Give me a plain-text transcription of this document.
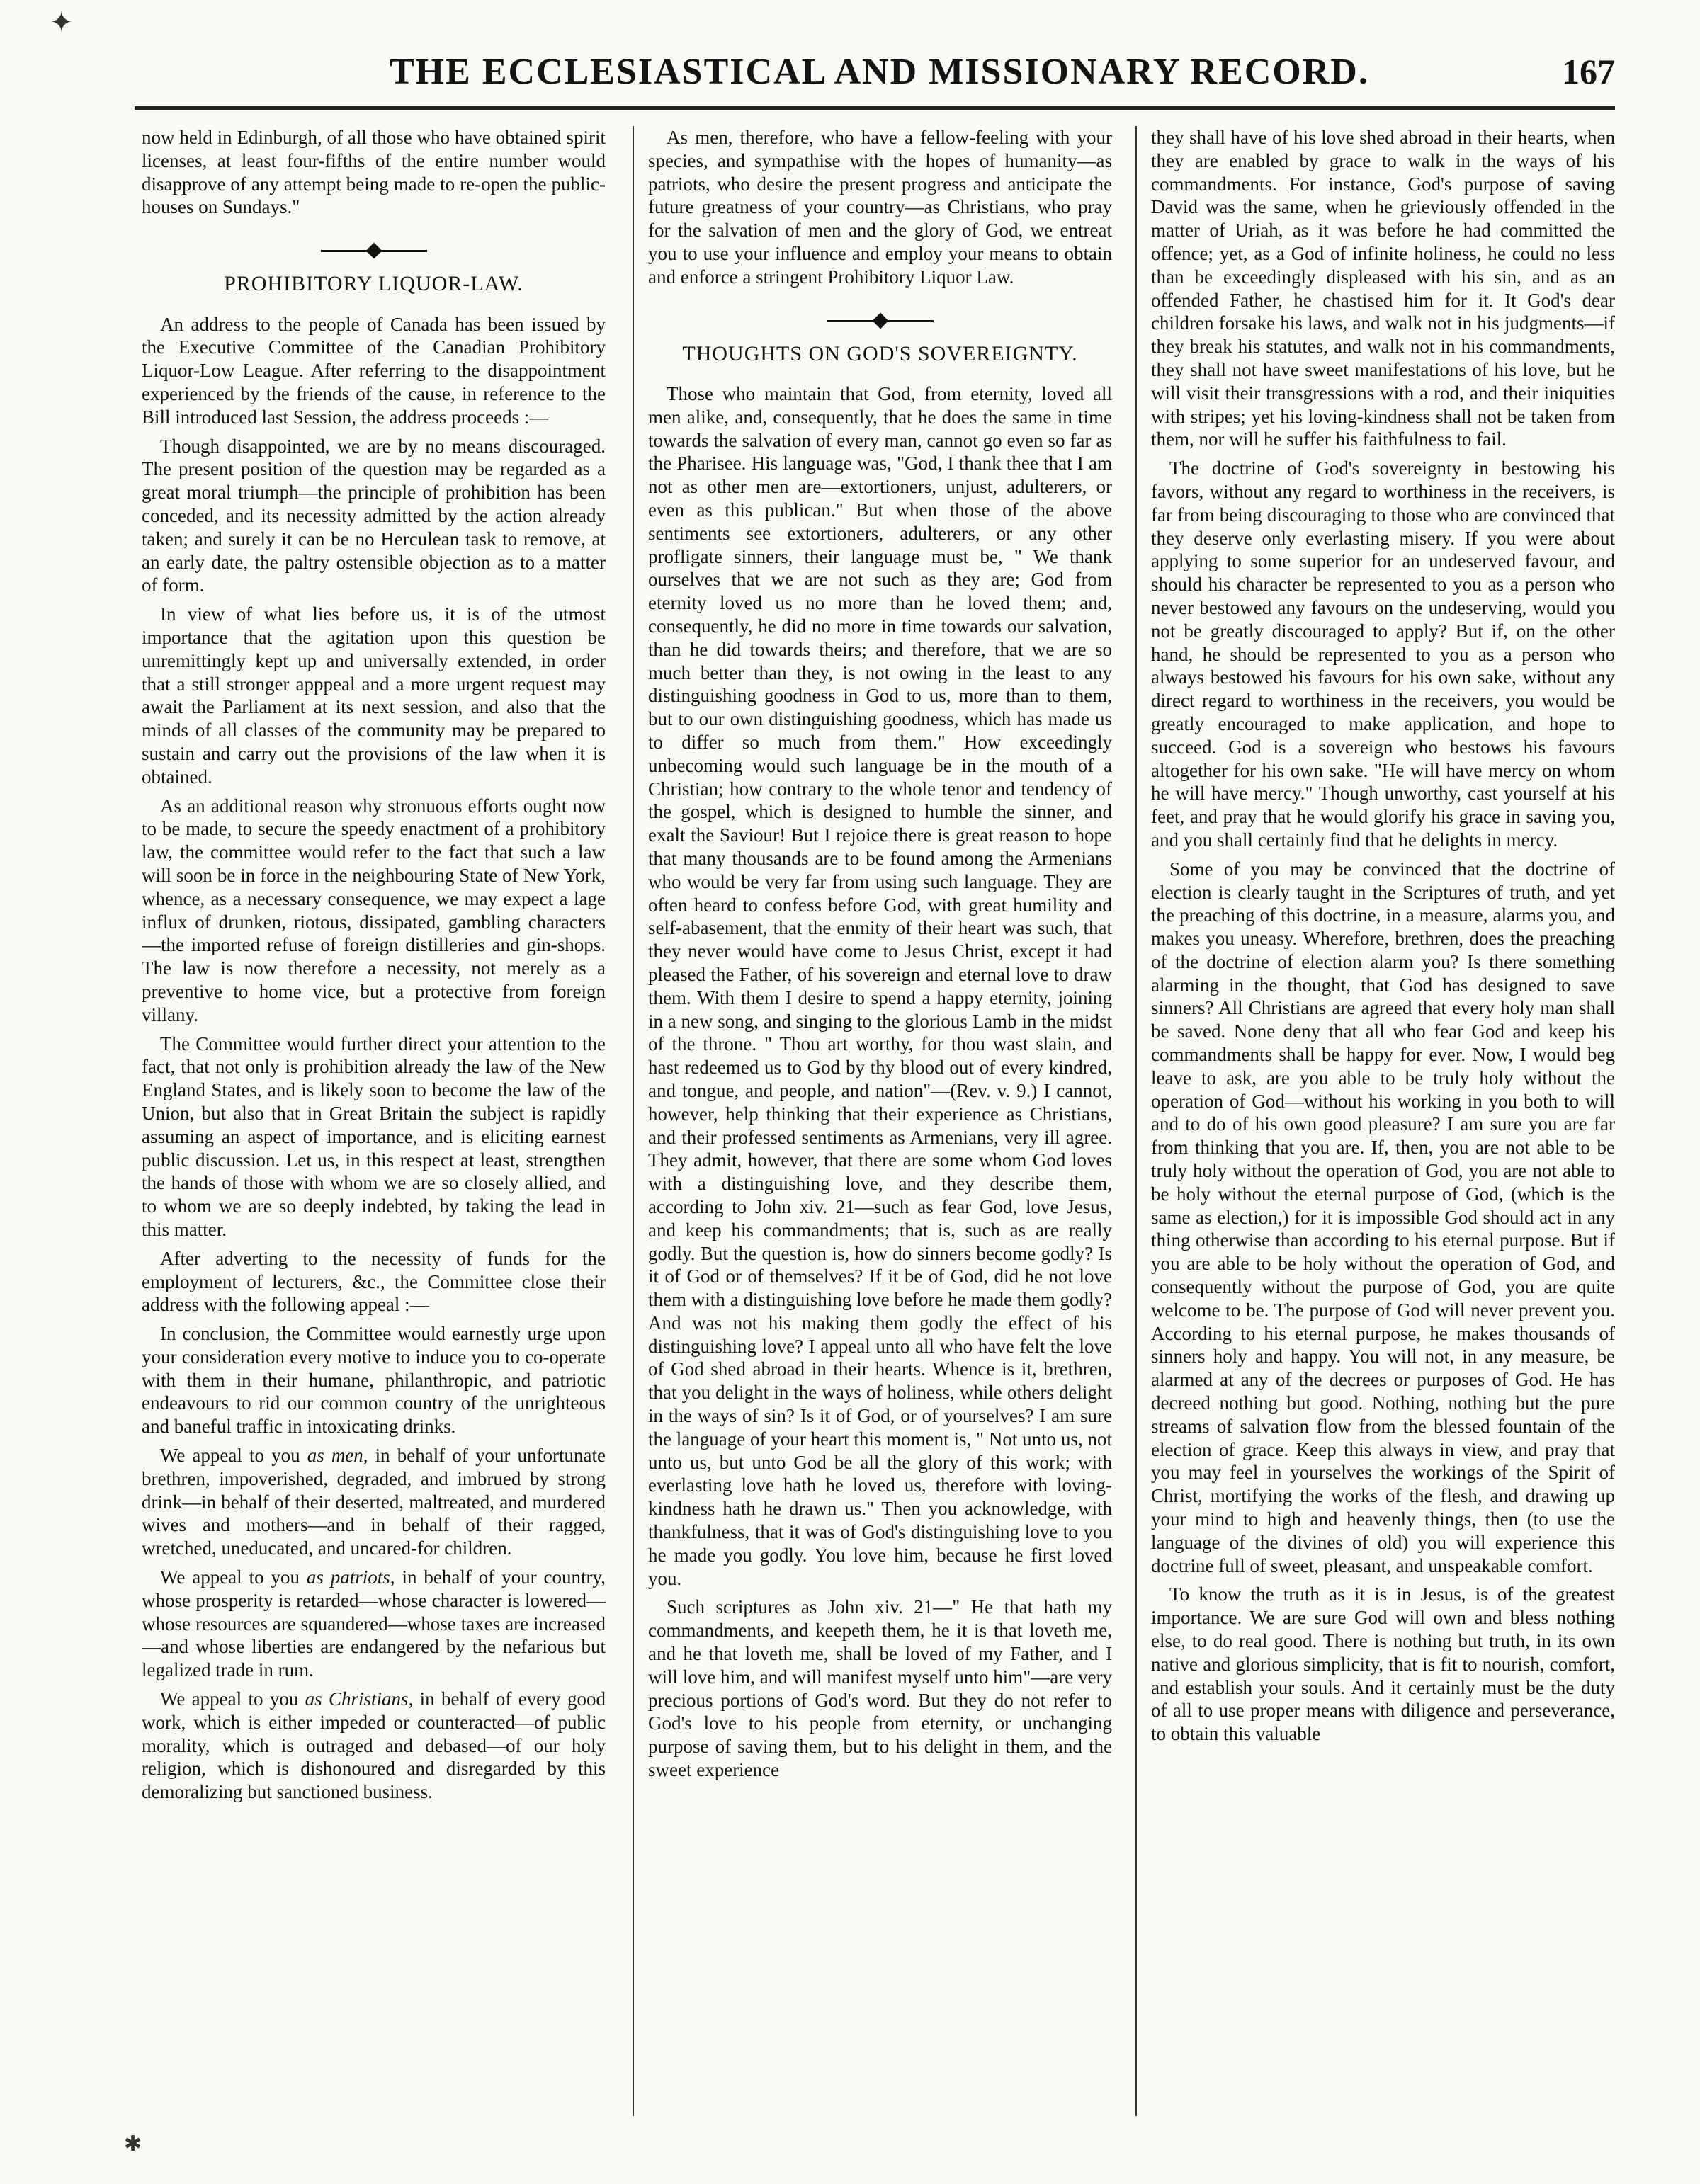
✦
THE ECCLESIASTICAL AND MISSIONARY RECORD.	167

now held in Edinburgh, of all those who have obtained spirit licenses, at least four-fifths of the entire number would disapprove of any attempt being made to re-open the public-houses on Sundays."

PROHIBITORY LIQUOR-LAW.

An address to the people of Canada has been issued by the Executive Committee of the Canadian Prohibitory Liquor-Low League. After referring to the disappointment experienced by the friends of the cause, in reference to the Bill introduced last Session, the address proceeds :—

Though disappointed, we are by no means discouraged. The present position of the question may be regarded as a great moral triumph—the principle of prohibition has been conceded, and its necessity admitted by the action already taken; and surely it can be no Herculean task to remove, at an early date, the paltry ostensible objection as to a matter of form.

In view of what lies before us, it is of the utmost importance that the agitation upon this question be unremittingly kept up and universally extended, in order that a still stronger apppeal and a more urgent request may await the Parliament at its next session, and also that the minds of all classes of the community may be prepared to sustain and carry out the provisions of the law when it is obtained.

As an additional reason why stronuous efforts ought now to be made, to secure the speedy enactment of a prohibitory law, the committee would refer to the fact that such a law will soon be in force in the neighbouring State of New York, whence, as a necessary consequence, we may expect a lage influx of drunken, riotous, dissipated, gambling characters—the imported refuse of foreign distilleries and gin-shops. The law is now therefore a necessity, not merely as a preventive to home vice, but a protective from foreign villany.

The Committee would further direct your attention to the fact, that not only is prohibition already the law of the New England States, and is likely soon to become the law of the Union, but also that in Great Britain the subject is rapidly assuming an aspect of importance, and is eliciting earnest public discussion. Let us, in this respect at least, strengthen the hands of those with whom we are so closely allied, and to whom we are so deeply indebted, by taking the lead in this matter.

After adverting to the necessity of funds for the employment of lecturers, &c., the Committee close their address with the following appeal :—

In conclusion, the Committee would earnestly urge upon your consideration every motive to induce you to co-operate with them in their humane, philanthropic, and patriotic endeavours to rid our common country of the unrighteous and baneful traffic in intoxicating drinks.

We appeal to you as men, in behalf of your unfortunate brethren, impoverished, degraded, and imbrued by strong drink—in behalf of their deserted, maltreated, and murdered wives and mothers—and in behalf of their ragged, wretched, uneducated, and uncared-for children.

We appeal to you as patriots, in behalf of your country, whose prosperity is retarded—whose character is lowered—whose resources are squandered—whose taxes are increased—and whose liberties are endangered by the nefarious but legalized trade in rum.

We appeal to you as Christians, in behalf of every good work, which is either impeded or counteracted—of public morality, which is outraged and debased—of our holy religion, which is dishonoured and disregarded by this demoralizing but sanctioned business.

As men, therefore, who have a fellow-feeling with your species, and sympathise with the hopes of humanity—as patriots, who desire the present progress and anticipate the future greatness of your country—as Christians, who pray for the salvation of men and the glory of God, we entreat you to use your influence and employ your means to obtain and enforce a stringent Prohibitory Liquor Law.

THOUGHTS ON GOD'S SOVEREIGNTY.

Those who maintain that God, from eternity, loved all men alike, and, consequently, that he does the same in time towards the salvation of every man, cannot go even so far as the Pharisee. His language was, "God, I thank thee that I am not as other men are—extortioners, unjust, adulterers, or even as this publican." But when those of the above sentiments see extortioners, adulterers, or any other profligate sinners, their language must be, " We thank ourselves that we are not such as they are; God from eternity loved us no more than he loved them; and, consequently, he did no more in time towards our salvation, than he did towards theirs; and therefore, that we are so much better than they, is not owing in the least to any distinguishing goodness in God to us, more than to them, but to our own distinguishing goodness, which has made us to differ so much from them." How exceedingly unbecoming would such language be in the mouth of a Christian; how contrary to the whole tenor and tendency of the gospel, which is designed to humble the sinner, and exalt the Saviour! But I rejoice there is great reason to hope that many thousands are to be found among the Armenians who would be very far from using such language. They are often heard to confess before God, with great humility and self-abasement, that the enmity of their heart was such, that they never would have come to Jesus Christ, except it had pleased the Father, of his sovereign and eternal love to draw them. With them I desire to spend a happy eternity, joining in a new song, and singing to the glorious Lamb in the midst of the throne. " Thou art worthy, for thou wast slain, and hast redeemed us to God by thy blood out of every kindred, and tongue, and people, and nation"—(Rev. v. 9.) I cannot, however, help thinking that their experience as Christians, and their professed sentiments as Armenians, very ill agree. They admit, however, that there are some whom God loves with a distinguishing love, and they describe them, according to John xiv. 21—such as fear God, love Jesus, and keep his commandments; that is, such as are really godly. But the question is, how do sinners become godly? Is it of God or of themselves? If it be of God, did he not love them with a distinguishing love before he made them godly? And was not his making them godly the effect of his distinguishing love? I appeal unto all who have felt the love of God shed abroad in their hearts. Whence is it, brethren, that you delight in the ways of holiness, while others delight in the ways of sin? Is it of God, or of yourselves? I am sure the language of your heart this moment is, " Not unto us, not unto us, but unto God be all the glory of this work; with everlasting love hath he loved us, therefore with loving-kindness hath he drawn us." Then you acknowledge, with thankfulness, that it was of God's distinguishing love to you he made you godly. You love him, because he first loved you.

Such scriptures as John xiv. 21—" He that hath my commandments, and keepeth them, he it is that loveth me, and he that loveth me, shall be loved of my Father, and I will love him, and will manifest myself unto him"—are very precious portions of God's word. But they do not refer to God's love to his people from eternity, or unchanging purpose of saving them, but to his delight in them, and the sweet experience

they shall have of his love shed abroad in their hearts, when they are enabled by grace to walk in the ways of his commandments. For instance, God's purpose of saving David was the same, when he grieviously offended in the matter of Uriah, as it was before he had committed the offence; yet, as a God of infinite holiness, he could no less than be exceedingly displeased with his sin, and as an offended Father, he chastised him for it. It God's dear children forsake his laws, and walk not in his judgments—if they break his statutes, and walk not in his commandments, they shall not have sweet manifestations of his love, but he will visit their transgressions with a rod, and their iniquities with stripes; yet his loving-kindness shall not be taken from them, nor will he suffer his faithfulness to fail.

The doctrine of God's sovereignty in bestowing his favors, without any regard to worthiness in the receivers, is far from being discouraging to those who are convinced that they deserve only everlasting misery. If you were about applying to some superior for an undeserved favour, and should his character be represented to you as a person who never bestowed any favours on the undeserving, would you not be greatly discouraged to apply? But if, on the other hand, he should be represented to you as a person who always bestowed his favours for his own sake, without any direct regard to worthiness in the receivers, you would be greatly encouraged to make application, and hope to succeed. God is a sovereign who bestows his favours altogether for his own sake. "He will have mercy on whom he will have mercy." Though unworthy, cast yourself at his feet, and pray that he would glorify his grace in saving you, and you shall certainly find that he delights in mercy.

Some of you may be convinced that the doctrine of election is clearly taught in the Scriptures of truth, and yet the preaching of this doctrine, in a measure, alarms you, and makes you uneasy. Wherefore, brethren, does the preaching of the doctrine of election alarm you? Is there something alarming in the thought, that God has designed to save sinners? All Christians are agreed that every holy man shall be saved. None deny that all who fear God and keep his commandments shall be happy for ever. Now, I would beg leave to ask, are you able to be truly holy without the operation of God—without his working in you both to will and to do of his own good pleasure? I am sure you are far from thinking that you are. If, then, you are not able to be truly holy without the operation of God, you are not able to be holy without the eternal purpose of God, (which is the same as election,) for it is impossible God should act in any thing otherwise than according to his eternal purpose. But if you are able to be holy without the operation of God, and consequently without the purpose of God, you are quite welcome to be. The purpose of God will never prevent you. According to his eternal purpose, he makes thousands of sinners holy and happy. You will not, in any measure, be alarmed at any of the decrees or purposes of God. He has decreed nothing but good. Nothing, nothing but the pure streams of salvation flow from the blessed fountain of the election of grace. Keep this always in view, and pray that you may feel in yourselves the workings of the Spirit of Christ, mortifying the works of the flesh, and drawing up your mind to high and heavenly things, then (to use the language of the divines of old) you will experience this doctrine full of sweet, pleasant, and unspeakable comfort.

To know the truth as it is in Jesus, is of the greatest importance. We are sure God will own and bless nothing else, to do real good. There is nothing but truth, in its own native and glorious simplicity, that is fit to nourish, comfort, and establish your souls. And it certainly must be the duty of all to use proper means with diligence and perseverance, to obtain this valuable

✱
